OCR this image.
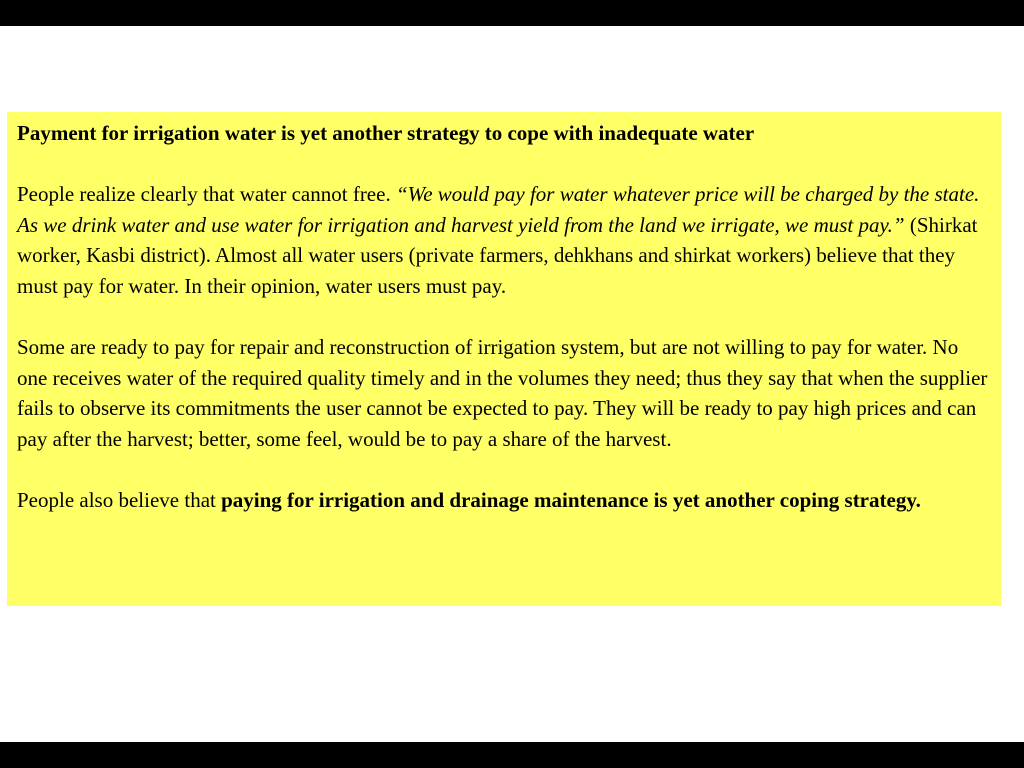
Payment for irrigation water is yet another strategy to cope with inadequate water

People realize clearly that water cannot free. “We would pay for water whatever price will be charged by the state. As we drink water and use water for irrigation and harvest yield from the land we irrigate, we must pay.” (Shirkat worker, Kasbi district). Almost all water users (private farmers, dehkhans and shirkat workers) believe that they must pay for water. In their opinion, water users must pay.

Some are ready to pay for repair and reconstruction of irrigation system, but are not willing to pay for water. No one receives water of the required quality timely and in the volumes they need; thus they say that when the supplier fails to observe its commitments the user cannot be expected to pay. They will be ready to pay high prices and can pay after the harvest; better, some feel, would be to pay a share of the harvest.

People also believe that paying for irrigation and drainage maintenance is yet another coping strategy.
